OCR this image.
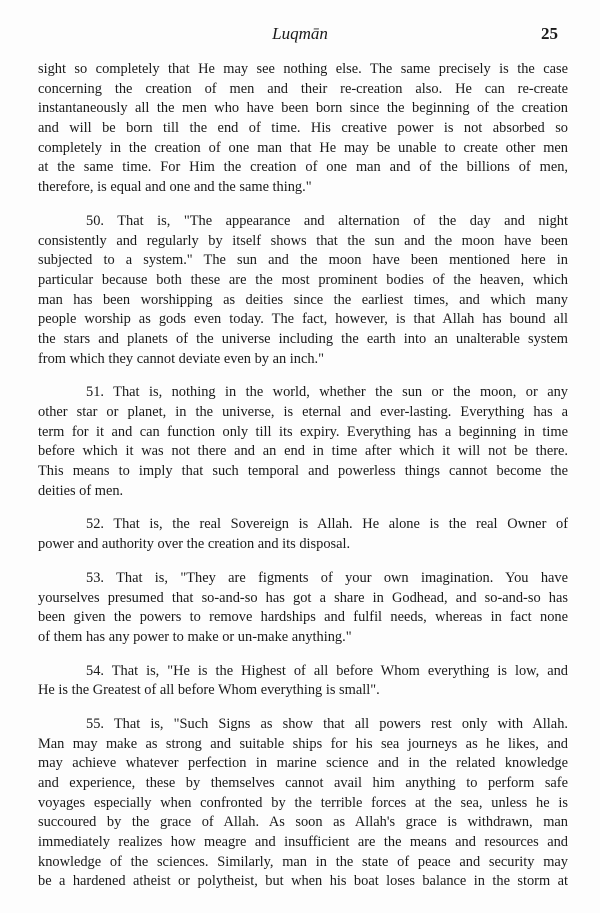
Luqmān	25
sight so completely that He may see nothing else. The same precisely is the case
concerning the creation of men and their re-creation also. He can re-create
instantaneously all the men who have been born since the beginning of the creation
and will be born till the end of time. His creative power is not absorbed so
completely in the creation of one man that He may be unable to create other men
at the same time. For Him the creation of one man and of the billions of men,
therefore, is equal and one and the same thing."
50. That is, "The appearance and alternation of the day and night
consistently and regularly by itself shows that the sun and the moon have been
subjected to a system." The sun and the moon have been mentioned here in
particular because both these are the most prominent bodies of the heaven, which
man has been worshipping as deities since the earliest times, and which many
people worship as gods even today. The fact, however, is that Allah has bound all
the stars and planets of the universe including the earth into an unalterable system
from which they cannot deviate even by an inch."
51. That is, nothing in the world, whether the sun or the moon, or any
other star or planet, in the universe, is eternal and ever-lasting. Everything has a
term for it and can function only till its expiry. Everything has a beginning in time
before which it was not there and an end in time after which it will not be there.
This means to imply that such temporal and powerless things cannot become the
deities of men.
52. That is, the real Sovereign is Allah. He alone is the real Owner of
power and authority over the creation and its disposal.
53. That is, "They are figments of your own imagination. You have
yourselves presumed that so-and-so has got a share in Godhead, and so-and-so has
been given the powers to remove hardships and fulfil needs, whereas in fact none
of them has any power to make or un-make anything."
54. That is, "He is the Highest of all before Whom everything is low, and
He is the Greatest of all before Whom everything is small".
55. That is, "Such Signs as show that all powers rest only with Allah.
Man may make as strong and suitable ships for his sea journeys as he likes, and
may achieve whatever perfection in marine science and in the related knowledge
and experience, these by themselves cannot avail him anything to perform safe
voyages especially when confronted by the terrible forces at the sea, unless he is
succoured by the grace of Allah. As soon as Allah's grace is withdrawn, man
immediately realizes how meagre and insufficient are the means and resources and
knowledge of the sciences. Similarly, man in the state of peace and security may
be a hardened atheist or polytheist, but when his boat loses balance in the storm at
